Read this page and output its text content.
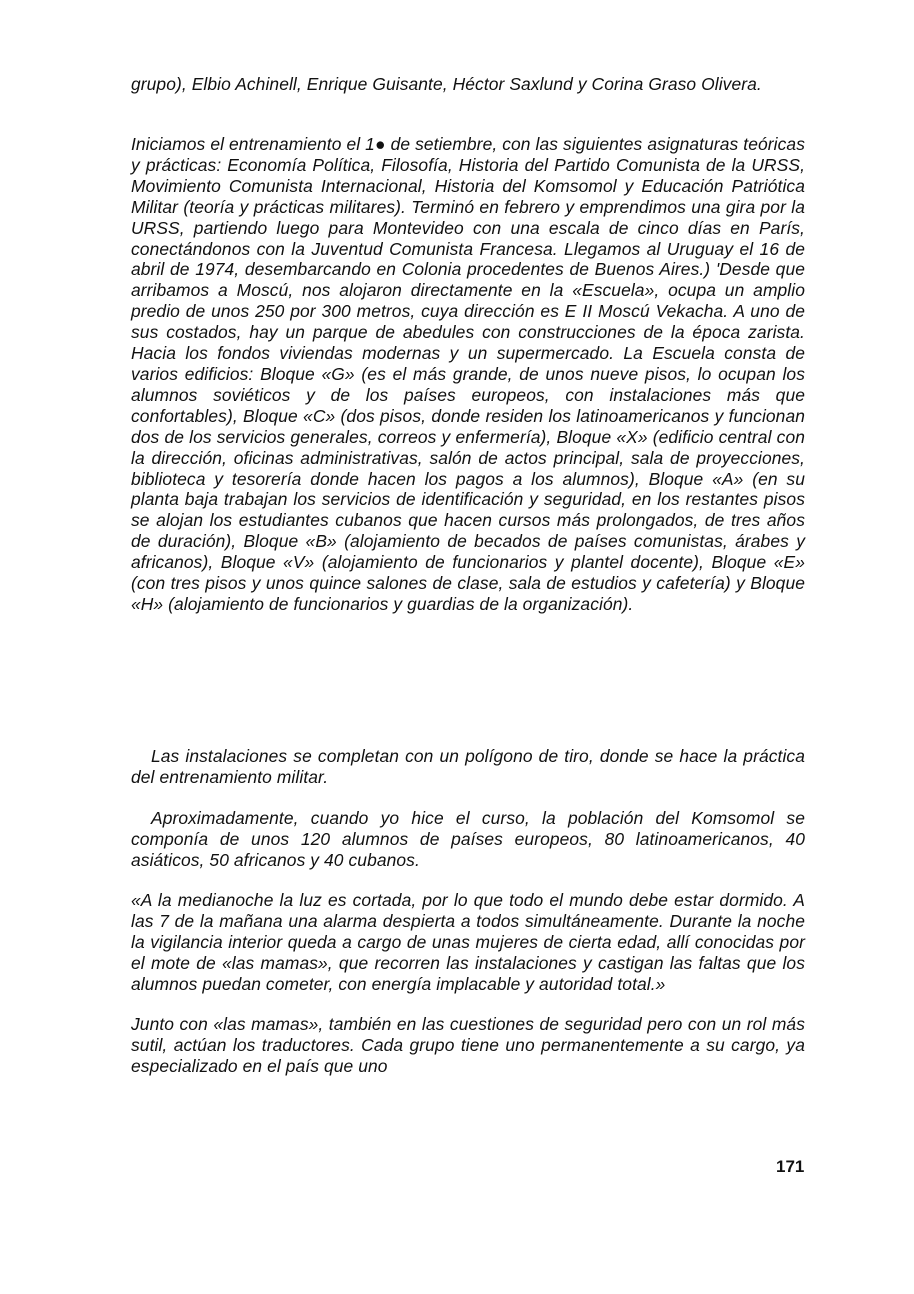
grupo), Elbio Achinell, Enrique Guisante, Héctor Saxlund y Corina Graso Olivera.

Iniciamos el entrenamiento el 1● de setiembre, con las siguientes asignaturas teóricas y prácticas: Economía Política, Filosofía, Historia del Partido Comunista de la URSS, Movimiento Comunista Internacional, Historia del Komsomol y Educación Patriótica Militar (teoría y prácticas militares). Terminó en febrero y emprendimos una gira por la URSS, partiendo luego para Montevideo con una escala de cinco días en París, conectándonos con la Juventud Comunista Francesa. Llegamos al Uruguay el 16 de abril de 1974, desembarcando en Colonia procedentes de Buenos Aires.) 'Desde que arribamos a Moscú, nos alojaron directamente en la «Escuela», ocupa un amplio predio de unos 250 por 300 metros, cuya dirección es E II Moscú Vekacha. A uno de sus costados, hay un parque de abedules con construcciones de la época zarista. Hacia los fondos viviendas modernas y un supermercado. La Escuela consta de varios edificios: Bloque «G» (es el más grande, de unos nueve pisos, lo ocupan los alumnos soviéticos y de los países europeos, con instalaciones más que confortables), Bloque «C» (dos pisos, donde residen los latinoamericanos y funcionan dos de los servicios generales, correos y enfermería), Bloque «X» (edificio central con la dirección, oficinas administrativas, salón de actos principal, sala de proyecciones, biblioteca y tesorería donde hacen los pagos a los alumnos), Bloque «A» (en su planta baja trabajan los servicios de identificación y seguridad, en los restantes pisos se alojan los estudiantes cubanos que hacen cursos más prolongados, de tres años de duración), Bloque «B» (alojamiento de becados de países comunistas, árabes y africanos), Bloque «V» (alojamiento de funcionarios y plantel docente), Bloque «E» (con tres pisos y unos quince salones de clase, sala de estudios y cafetería) y Bloque «H» (alojamiento de funcionarios y guardias de la organización).

Las instalaciones se completan con un polígono de tiro, donde se hace la práctica del entrenamiento militar.

Aproximadamente, cuando yo hice el curso, la población del Komsomol se componía de unos 120 alumnos de países europeos, 80 latinoamericanos, 40 asiáticos, 50 africanos y 40 cubanos.

«A la medianoche la luz es cortada, por lo que todo el mundo debe estar dormido. A las 7 de la mañana una alarma despierta a todos simultáneamente. Durante la noche la vigilancia interior queda a cargo de unas mujeres de cierta edad, allí conocidas por el mote de «las mamas», que recorren las instalaciones y castigan las faltas que los alumnos puedan cometer, con energía implacable y autoridad total.»

Junto con «las mamas», también en las cuestiones de seguridad pero con un rol más sutil, actúan los traductores. Cada grupo tiene uno permanentemente a su cargo, ya especializado en el país que uno

171
